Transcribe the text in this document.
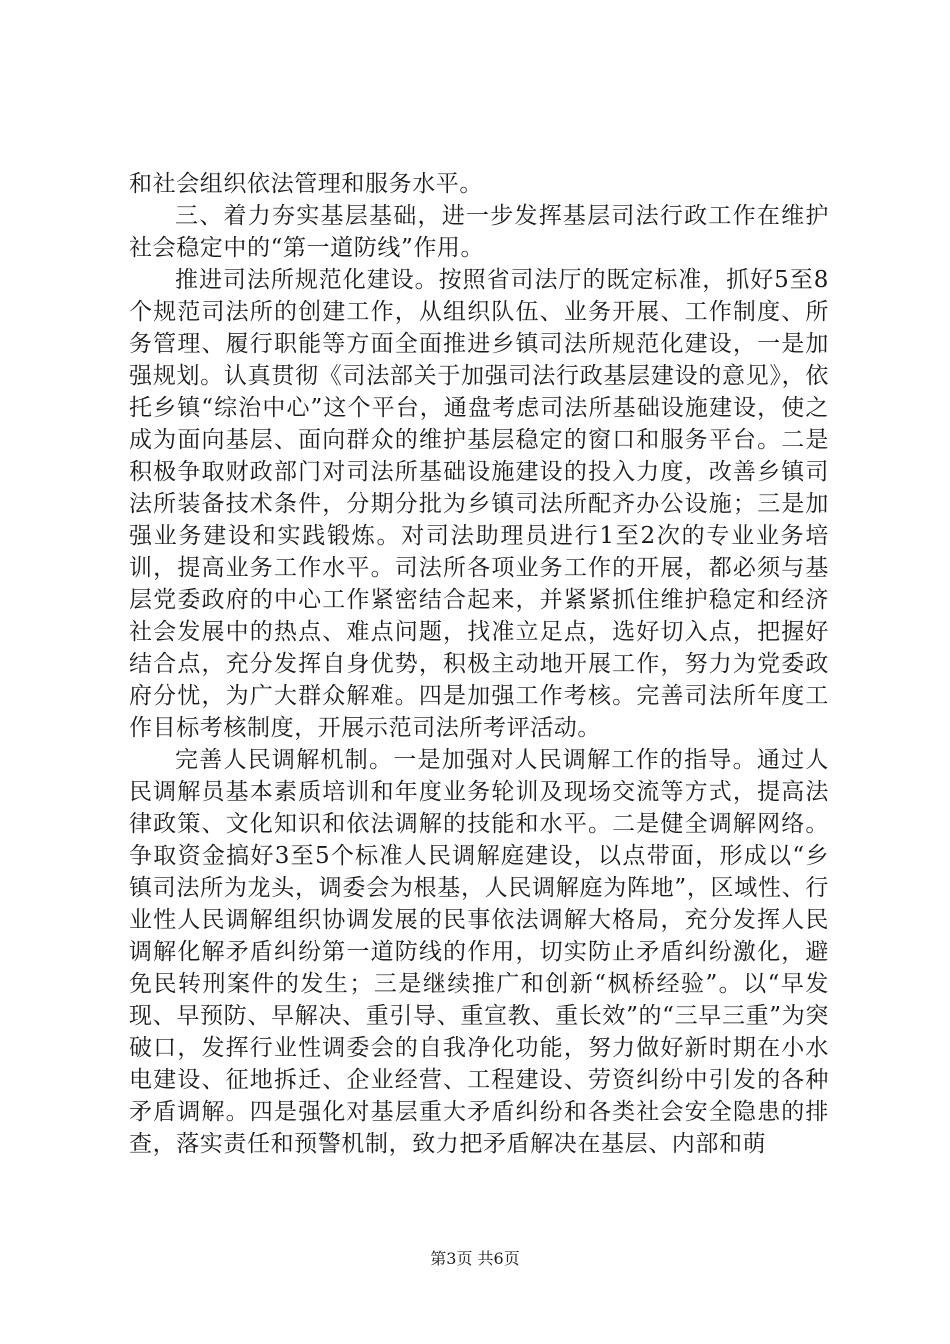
和社会组织依法管理和服务水平。

三、着力夯实基层基础，进一步发挥基层司法行政工作在维护社会稳定中的“第一道防线”作用。

推进司法所规范化建设。按照省司法厅的既定标准，抓好5至8个规范司法所的创建工作，从组织队伍、业务开展、工作制度、所务管理、履行职能等方面全面推进乡镇司法所规范化建设，一是加强规划。认真贯彻《司法部关于加强司法行政基层建设的意见》，依托乡镇“综治中心”这个平台，通盘考虑司法所基础设施建设，使之成为面向基层、面向群众的维护基层稳定的窗口和服务平台。二是积极争取财政部门对司法所基础设施建设的投入力度，改善乡镇司法所装备技术条件，分期分批为乡镇司法所配齐办公设施；三是加强业务建设和实践锻炼。对司法助理员进行1至2次的专业业务培训，提高业务工作水平。司法所各项业务工作的开展，都必须与基层党委政府的中心工作紧密结合起来，并紧紧抓住维护稳定和经济社会发展中的热点、难点问题，找准立足点，选好切入点，把握好结合点，充分发挥自身优势，积极主动地开展工作，努力为党委政府分忧，为广大群众解难。四是加强工作考核。完善司法所年度工作目标考核制度，开展示范司法所考评活动。

完善人民调解机制。一是加强对人民调解工作的指导。通过人民调解员基本素质培训和年度业务轮训及现场交流等方式，提高法律政策、文化知识和依法调解的技能和水平。二是健全调解网络。争取资金搞好3至5个标准人民调解庭建设，以点带面，形成以“乡镇司法所为龙头，调委会为根基，人民调解庭为阵地”，区域性、行业性人民调解组织协调发展的民事依法调解大格局，充分发挥人民调解化解矛盾纠纷第一道防线的作用，切实防止矛盾纠纷激化，避免民转刑案件的发生；三是继续推广和创新“枫桥经验”。以“早发现、早预防、早解决、重引导、重宣教、重长效”的“三早三重”为突破口，发挥行业性调委会的自我净化功能，努力做好新时期在小水电建设、征地拆迁、企业经营、工程建设、劳资纠纷中引发的各种矛盾调解。四是强化对基层重大矛盾纠纷和各类社会安全隐患的排查，落实责任和预警机制，致力把矛盾解决在基层、内部和萌

第3页 共6页
